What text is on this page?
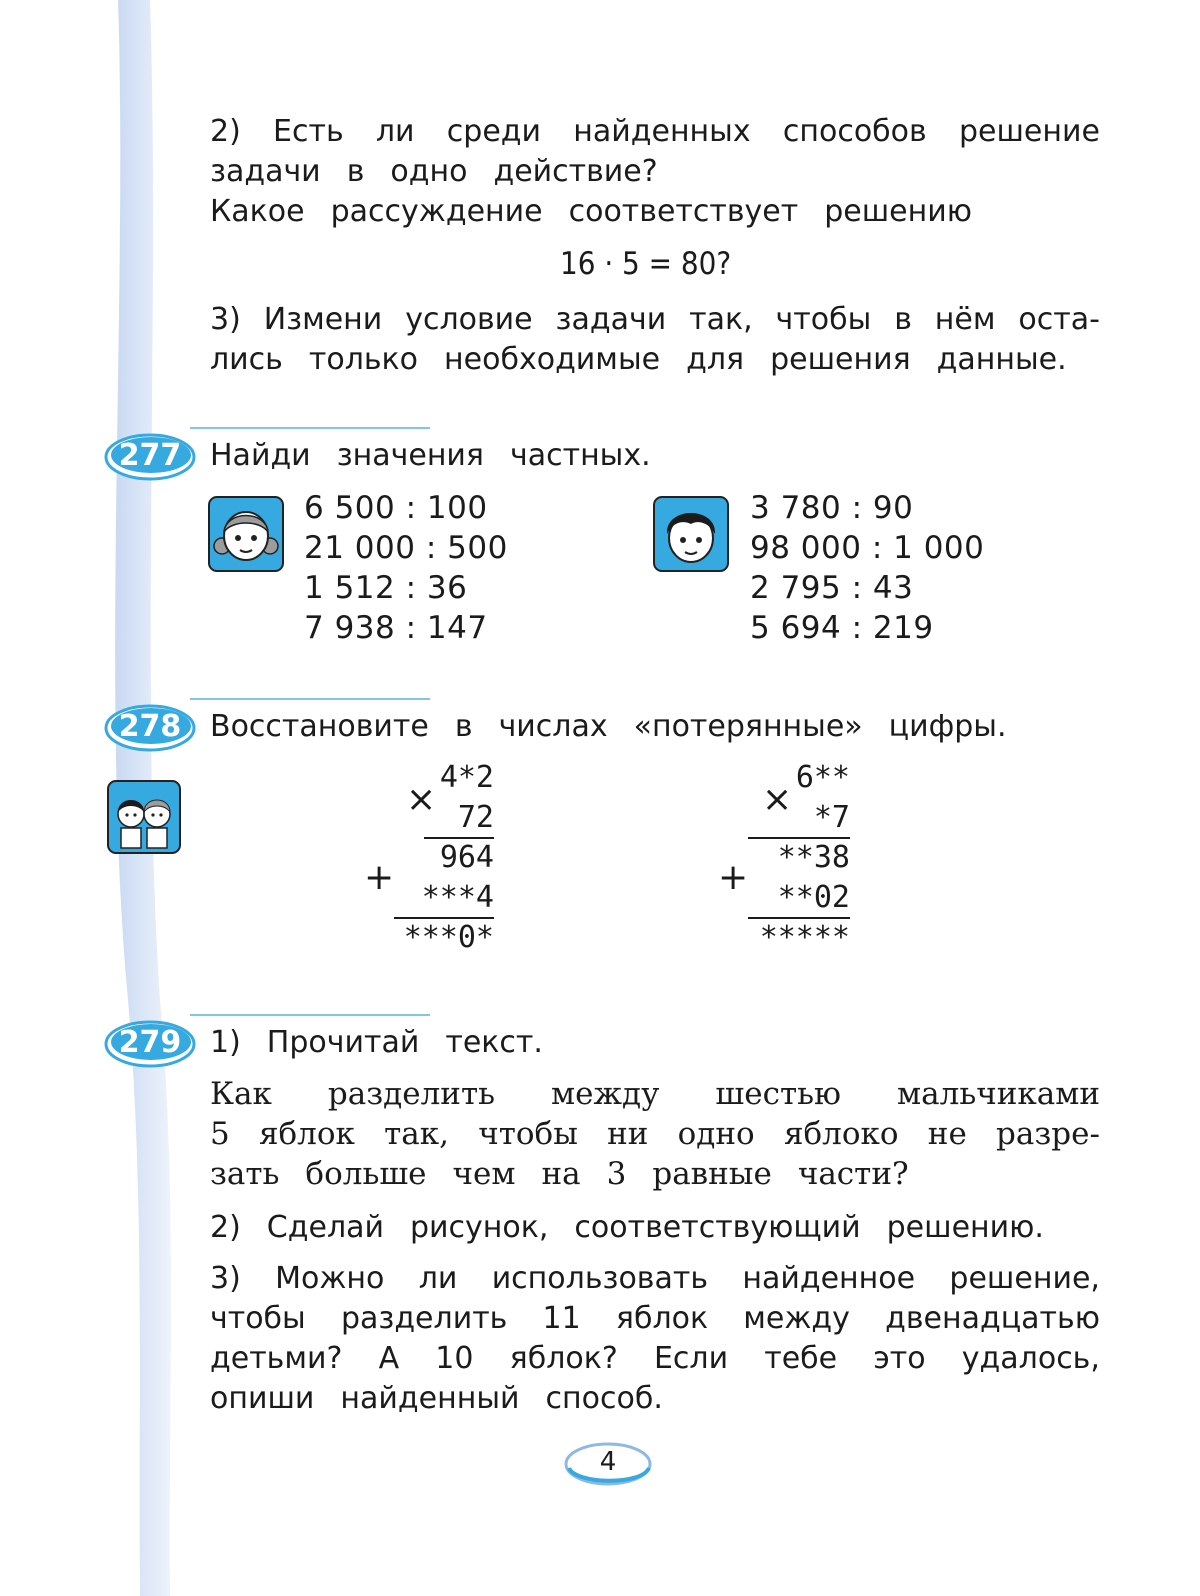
2) Есть ли среди найденных способов решение
задачи в одно действие?
Какое рассуждение соответствует решению
16 · 5 = 80?
3) Измени условие задачи так, чтобы в нём оста-
лись только необходимые для решения данные.
277 Найди значения частных.
6 500 : 100
21 000 : 500
1 512 : 36
7 938 : 147
3 780 : 90
98 000 : 1 000
2 795 : 43
5 694 : 219
278 Восстановите в числах «потерянные» цифры.
4*2
× 72
964
+ ***4
***0*
6**
× *7
**38
+ **02
*****
279 1) Прочитай текст.
Как разделить между шестью мальчиками
5 яблок так, чтобы ни одно яблоко не разре-
зать больше чем на 3 равные части?
2) Сделай рисунок, соответствующий решению.
3) Можно ли использовать найденное решение,
чтобы разделить 11 яблок между двенадцатью
детьми? А 10 яблок? Если тебе это удалось,
опиши найденный способ.
4
